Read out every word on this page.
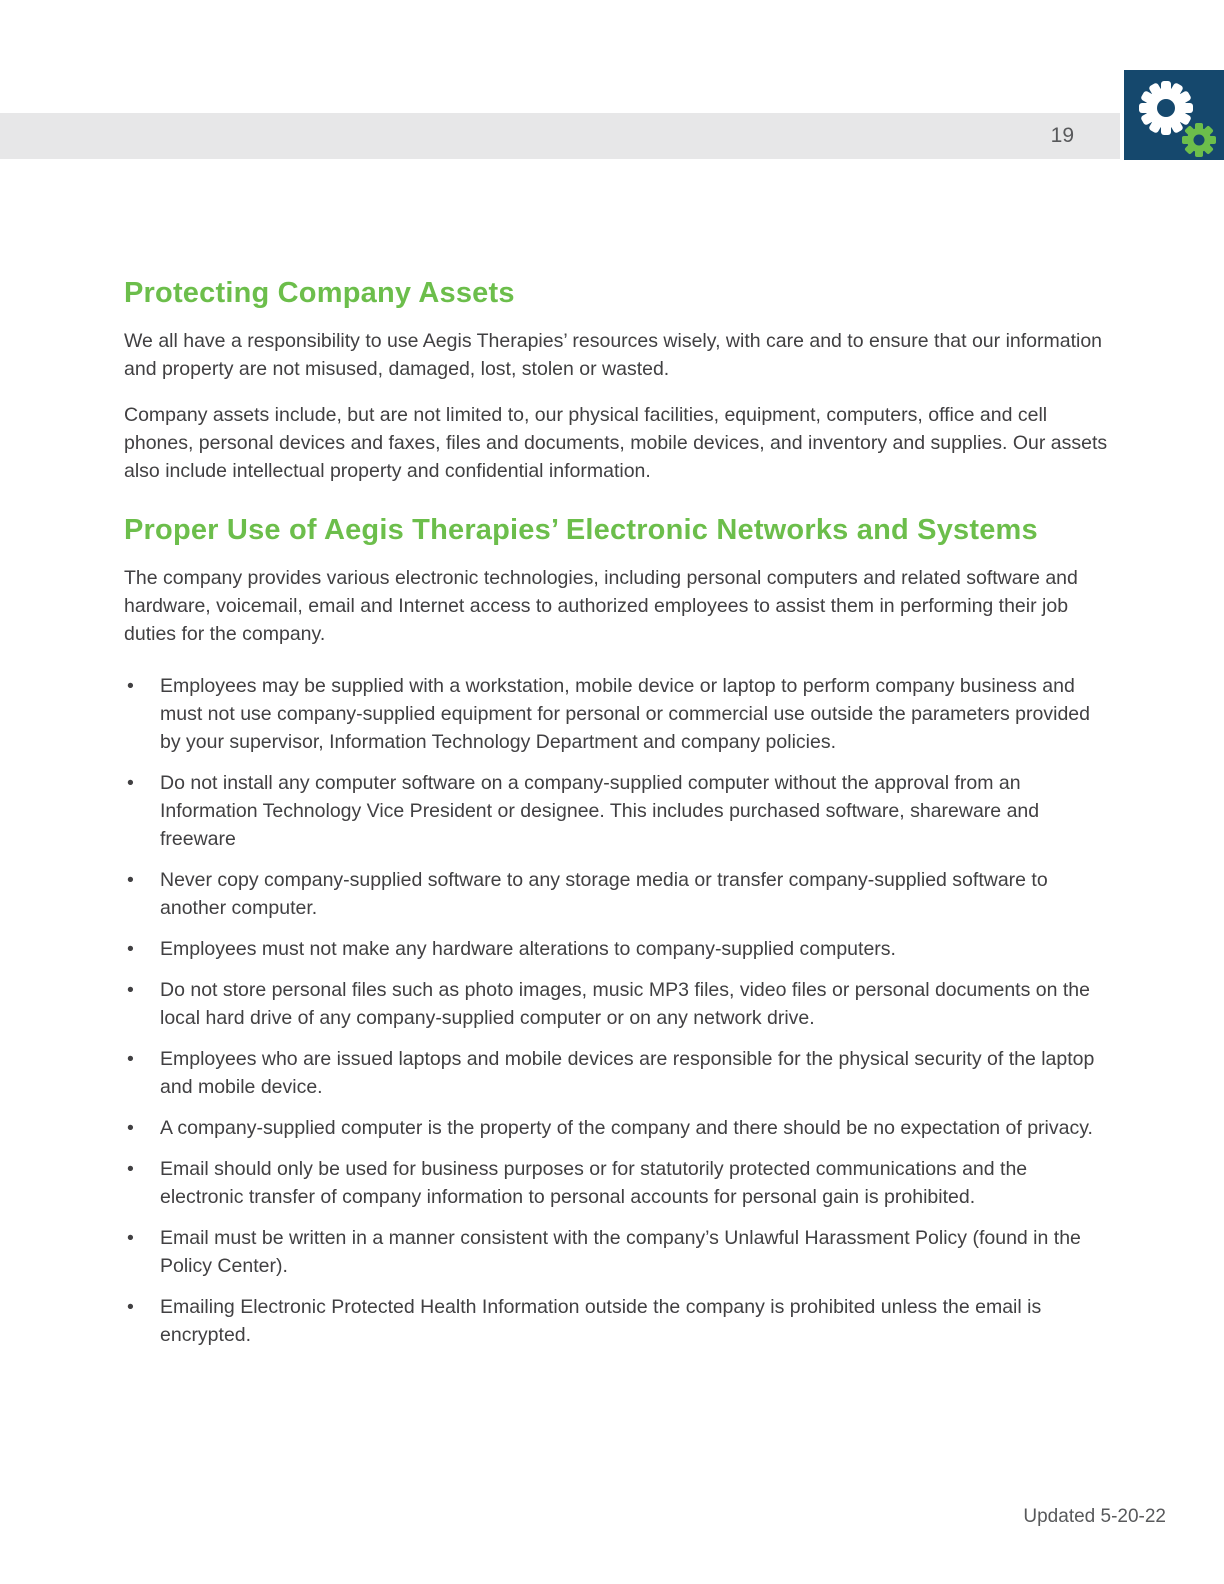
19
Protecting Company Assets

We all have a responsibility to use Aegis Therapies’ resources wisely, with care and to ensure that our information and property are not misused, damaged, lost, stolen or wasted.

Company assets include, but are not limited to, our physical facilities, equipment, computers, office and cell phones, personal devices and faxes, files and documents, mobile devices, and inventory and supplies. Our assets also include intellectual property and confidential information.

Proper Use of Aegis Therapies’ Electronic Networks and Systems

The company provides various electronic technologies, including personal computers and related software and hardware, voicemail, email and Internet access to authorized employees to assist them in performing their job duties for the company.

• Employees may be supplied with a workstation, mobile device or laptop to perform company business and must not use company-supplied equipment for personal or commercial use outside the parameters provided by your supervisor, Information Technology Department and company policies.
• Do not install any computer software on a company-supplied computer without the approval from an Information Technology Vice President or designee. This includes purchased software, shareware and freeware
• Never copy company-supplied software to any storage media or transfer company-supplied software to another computer.
• Employees must not make any hardware alterations to company-supplied computers.
• Do not store personal files such as photo images, music MP3 files, video files or personal documents on the local hard drive of any company-supplied computer or on any network drive.
• Employees who are issued laptops and mobile devices are responsible for the physical security of the laptop and mobile device.
• A company-supplied computer is the property of the company and there should be no expectation of privacy.
• Email should only be used for business purposes or for statutorily protected communications and the electronic transfer of company information to personal accounts for personal gain is prohibited.
• Email must be written in a manner consistent with the company’s Unlawful Harassment Policy (found in the Policy Center).
• Emailing Electronic Protected Health Information outside the company is prohibited unless the email is encrypted.
Updated 5-20-22
